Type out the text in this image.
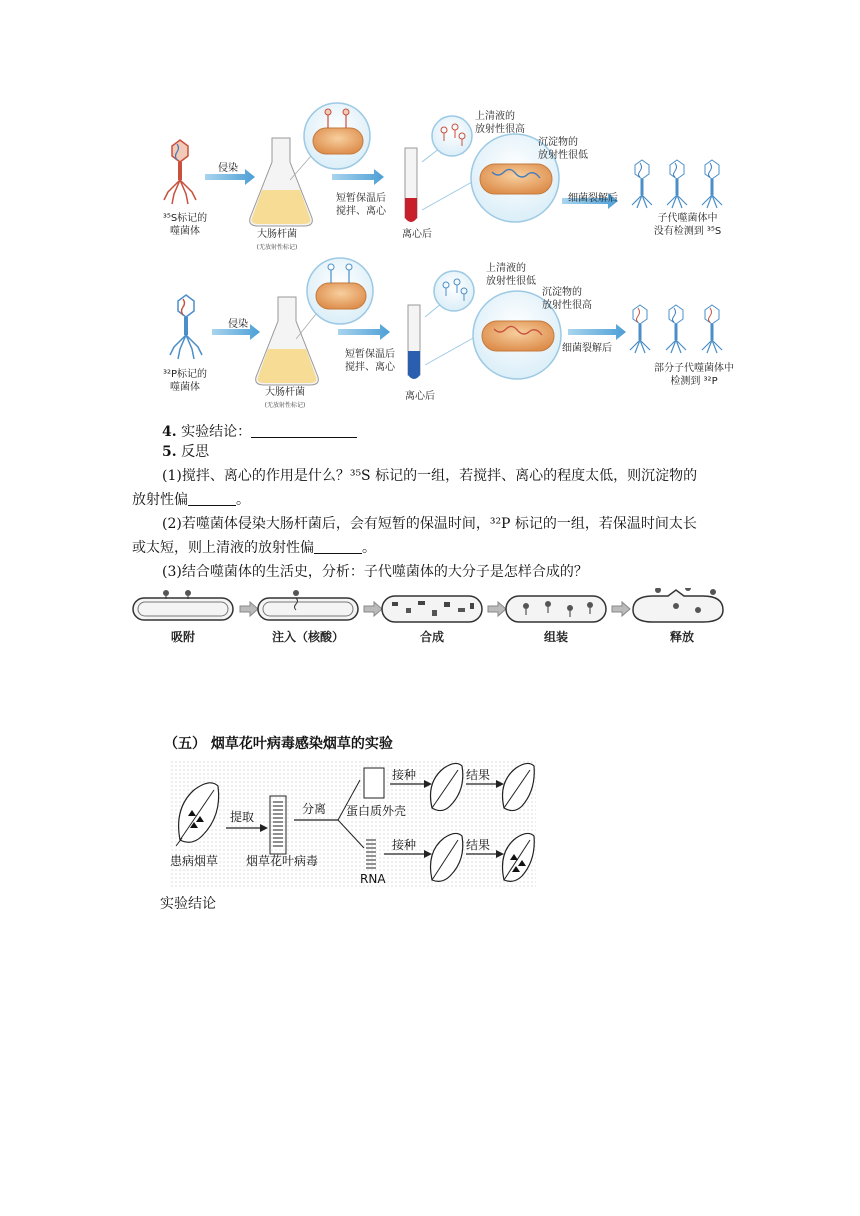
³⁵S标记的
噬菌体
侵染
大肠杆菌
(无放射性标记)
短暂保温后
搅拌、离心
离心后
上清液的
放射性很高
沉淀物的
放射性很低
细菌裂解后
子代噬菌体中
没有检测到 ³⁵S
³²P标记的
噬菌体
侵染
大肠杆菌
(无放射性标记)
短暂保温后
搅拌、离心
离心后
上清液的
放射性很低
沉淀物的
放射性很高
细菌裂解后
部分子代噬菌体中
检测到 ³²P
4. 实验结论：
5. 反思
(1)搅拌、离心的作用是什么？³⁵S 标记的一组，若搅拌、离心的程度太低，则沉淀物的
放射性偏	。
(2)若噬菌体侵染大肠杆菌后，会有短暂的保温时间，³²P 标记的一组，若保温时间太长
或太短，则上清液的放射性偏	。
(3)结合噬菌体的生活史，分析：子代噬菌体的大分子是怎样合成的？
吸附	注入（核酸）	合成	组装	释放
（五） 烟草花叶病毒感染烟草的实验
提取
分离 蛋白质外壳
接种	结果
接种	结果
RNA
患病烟草 烟草花叶病毒
实验结论
